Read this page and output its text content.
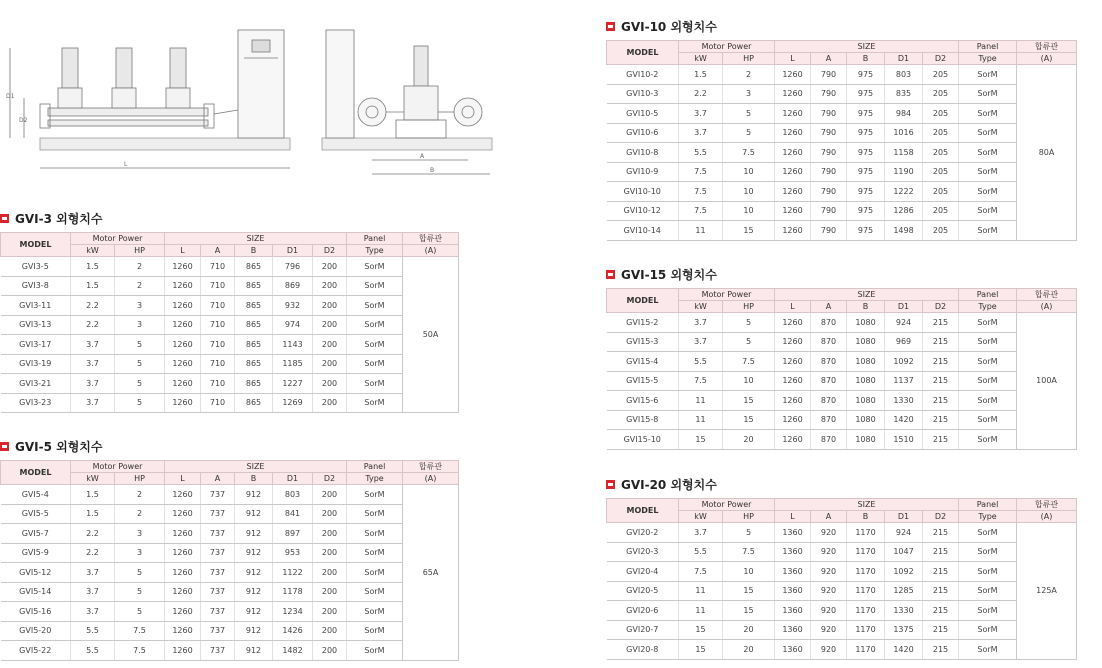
D1
D2
L
A
B
GVI-3 외형치수
MODEL	Motor Power		SIZE					Panel	합류관
	kW	HP	L	A	B	D1	D2	Type	(A)
GVI3-5	1.5	2	1260	710	865	796	200	SorM	50A
GVI3-8	1.5	2	1260	710	865	869	200	SorM	
GVI3-11	2.2	3	1260	710	865	932	200	SorM	
GVI3-13	2.2	3	1260	710	865	974	200	SorM	
GVI3-17	3.7	5	1260	710	865	1143	200	SorM	
GVI3-19	3.7	5	1260	710	865	1185	200	SorM	
GVI3-21	3.7	5	1260	710	865	1227	200	SorM	
GVI3-23	3.7	5	1260	710	865	1269	200	SorM	
GVI-5 외형치수
MODEL	Motor Power		SIZE					Panel	합류관
	kW	HP	L	A	B	D1	D2	Type	(A)
GVI5-4	1.5	2	1260	737	912	803	200	SorM	65A
GVI5-5	1.5	2	1260	737	912	841	200	SorM	
GVI5-7	2.2	3	1260	737	912	897	200	SorM	
GVI5-9	2.2	3	1260	737	912	953	200	SorM	
GVI5-12	3.7	5	1260	737	912	1122	200	SorM	
GVI5-14	3.7	5	1260	737	912	1178	200	SorM	
GVI5-16	3.7	5	1260	737	912	1234	200	SorM	
GVI5-20	5.5	7.5	1260	737	912	1426	200	SorM	
GVI5-22	5.5	7.5	1260	737	912	1482	200	SorM	
GVI-10 외형치수
MODEL	Motor Power		SIZE					Panel	합류관
	kW	HP	L	A	B	D1	D2	Type	(A)
GVI10-2	1.5	2	1260	790	975	803	205	SorM	80A
GVI10-3	2.2	3	1260	790	975	835	205	SorM	
GVI10-5	3.7	5	1260	790	975	984	205	SorM	
GVI10-6	3.7	5	1260	790	975	1016	205	SorM	
GVI10-8	5.5	7.5	1260	790	975	1158	205	SorM	
GVI10-9	7.5	10	1260	790	975	1190	205	SorM	
GVI10-10	7.5	10	1260	790	975	1222	205	SorM	
GVI10-12	7.5	10	1260	790	975	1286	205	SorM	
GVI10-14	11	15	1260	790	975	1498	205	SorM	
GVI-15 외형치수
MODEL	Motor Power		SIZE					Panel	합류관
	kW	HP	L	A	B	D1	D2	Type	(A)
GVI15-2	3.7	5	1260	870	1080	924	215	SorM	100A
GVI15-3	3.7	5	1260	870	1080	969	215	SorM	
GVI15-4	5.5	7.5	1260	870	1080	1092	215	SorM	
GVI15-5	7.5	10	1260	870	1080	1137	215	SorM	
GVI15-6	11	15	1260	870	1080	1330	215	SorM	
GVI15-8	11	15	1260	870	1080	1420	215	SorM	
GVI15-10	15	20	1260	870	1080	1510	215	SorM	
GVI-20 외형치수
MODEL	Motor Power		SIZE					Panel	합류관
	kW	HP	L	A	B	D1	D2	Type	(A)
GVI20-2	3.7	5	1360	920	1170	924	215	SorM	125A
GVI20-3	5.5	7.5	1360	920	1170	1047	215	SorM	
GVI20-4	7.5	10	1360	920	1170	1092	215	SorM	
GVI20-5	11	15	1360	920	1170	1285	215	SorM	
GVI20-6	11	15	1360	920	1170	1330	215	SorM	
GVI20-7	15	20	1360	920	1170	1375	215	SorM	
GVI20-8	15	20	1360	920	1170	1420	215	SorM	
